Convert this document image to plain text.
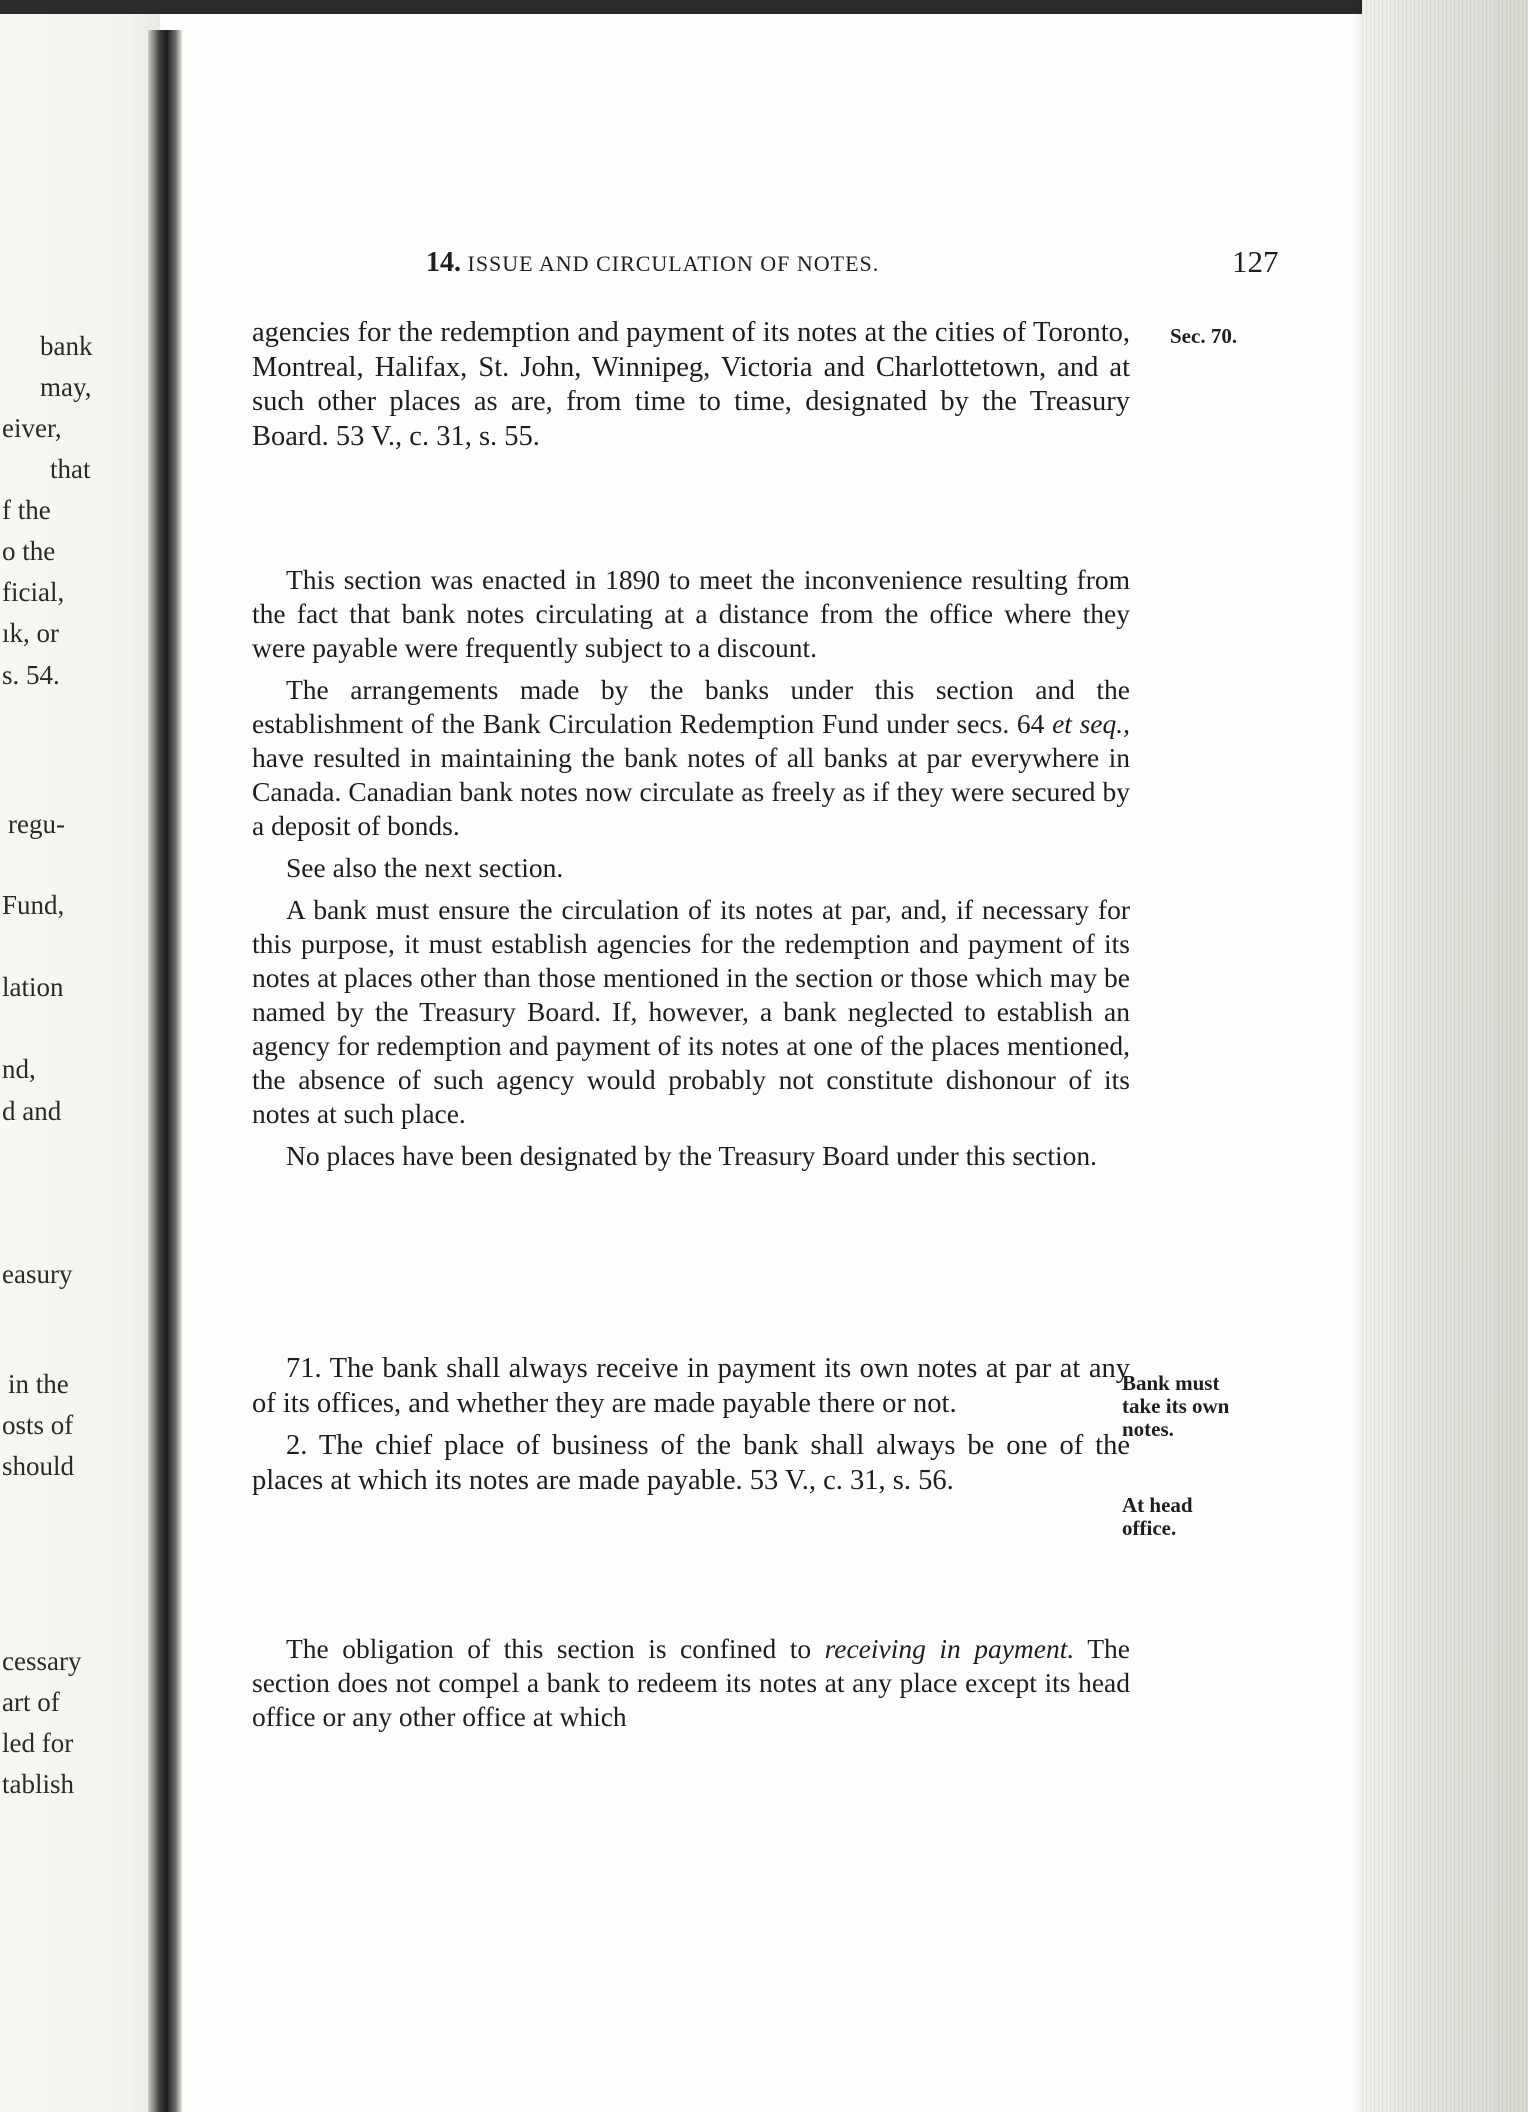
bank
may,
eiver,
that
f the
o the
ficial,
ık, or
s. 54.
regu-
Fund,
lation
nd,
d and
easury
in the
osts of
should
cessary
art of
led for
tablish
14. ISSUE AND CIRCULATION OF NOTES.	127

agencies for the redemption and payment of its notes at the cities of Toronto, Montreal, Halifax, St. John, Winnipeg, Victoria and Charlottetown, and at such other places as are, from time to time, designated by the Treasury Board. 53 V., c. 31, s. 55.

Sec. 70.

This section was enacted in 1890 to meet the inconvenience resulting from the fact that bank notes circulating at a distance from the office where they were payable were frequently subject to a discount.

The arrangements made by the banks under this section and the establishment of the Bank Circulation Redemption Fund under secs. 64 et seq., have resulted in maintaining the bank notes of all banks at par everywhere in Canada. Canadian bank notes now circulate as freely as if they were secured by a deposit of bonds.

See also the next section.

A bank must ensure the circulation of its notes at par, and, if necessary for this purpose, it must establish agencies for the redemption and payment of its notes at places other than those mentioned in the section or those which may be named by the Treasury Board. If, however, a bank neglected to establish an agency for redemption and payment of its notes at one of the places mentioned, the absence of such agency would probably not constitute dishonour of its notes at such place.

No places have been designated by the Treasury Board under this section.

71. The bank shall always receive in payment its own notes at par at any of its offices, and whether they are made payable there or not.

2. The chief place of business of the bank shall always be one of the places at which its notes are made payable. 53 V., c. 31, s. 56.

Bank must
take its own
notes.
At head
office.

The obligation of this section is confined to receiving in payment. The section does not compel a bank to redeem its notes at any place except its head office or any other office at which
